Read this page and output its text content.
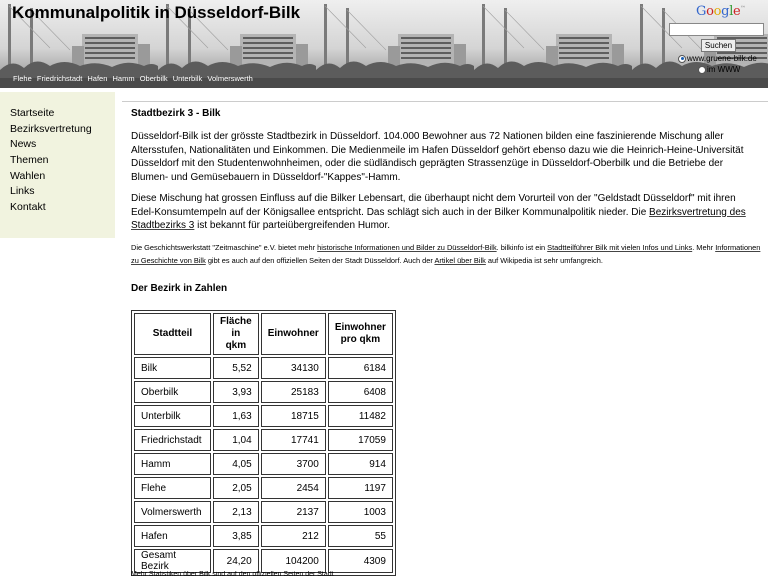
Kommunalpolitik in Düsseldorf-Bilk
Flehe Friedrichstadt Hafen Hamm Oberbilk Unterbilk Volmerswerth
Google™
Suchen
www.gruene-bilk.de
im WWW
Startseite
Bezirksvertretung
News
Themen
Wahlen
Links
Kontakt
Stadtbezirk 3 - Bilk

Düsseldorf-Bilk ist der grösste Stadtbezirk in Düsseldorf. 104.000 Bewohner aus 72 Nationen bilden eine faszinierende Mischung aller Altersstufen, Nationalitäten und Einkommen. Die Medienmeile im Hafen Düsseldorf gehört ebenso dazu wie die Heinrich-Heine-Universität Düsseldorf mit den Studentenwohnheimen, oder die südländisch geprägten Strassenzüge in Düsseldorf-Oberbilk und die Betriebe der Blumen- und Gemüsebauern in Düsseldorf-"Kappes"-Hamm.

Diese Mischung hat grossen Einfluss auf die Bilker Lebensart, die überhaupt nicht dem Vorurteil von der "Geldstadt Düsseldorf" mit ihren Edel-Konsumtempeln auf der Königsallee entspricht. Das schlägt sich auch in der Bilker Kommunalpolitik nieder. Die Bezirksvertretung des Stadtbezirks 3 ist bekannt für parteiübergreifenden Humor.

Die Geschichtswerkstatt "Zeitmaschine" e.V. bietet mehr historische Informationen und Bilder zu Düsseldorf-Bilk. bilkinfo ist ein Stadtteilführer Bilk mit vielen Infos und Links. Mehr Informationen zu Geschichte von Bilk gibt es auch auf den offiziellen Seiten der Stadt Düsseldorf. Auch der Artikel über Bilk auf Wikipedia ist sehr umfangreich.

Der Bezirk in Zahlen
Stadtteil	Fläche in qkm	Einwohner	Einwohner pro qkm
Bilk	5,52	34130	6184
Oberbilk	3,93	25183	6408
Unterbilk	1,63	18715	11482
Friedrichstadt	1,04	17741	17059
Hamm	4,05	3700	914
Flehe	2,05	2454	1197
Volmerswerth	2,13	2137	1003
Hafen	3,85	212	55
Gesamt Bezirk	24,20	104200	4309
Mehr Statistiken über Bilk sind auf den offiziellen Seiten der Stadt
